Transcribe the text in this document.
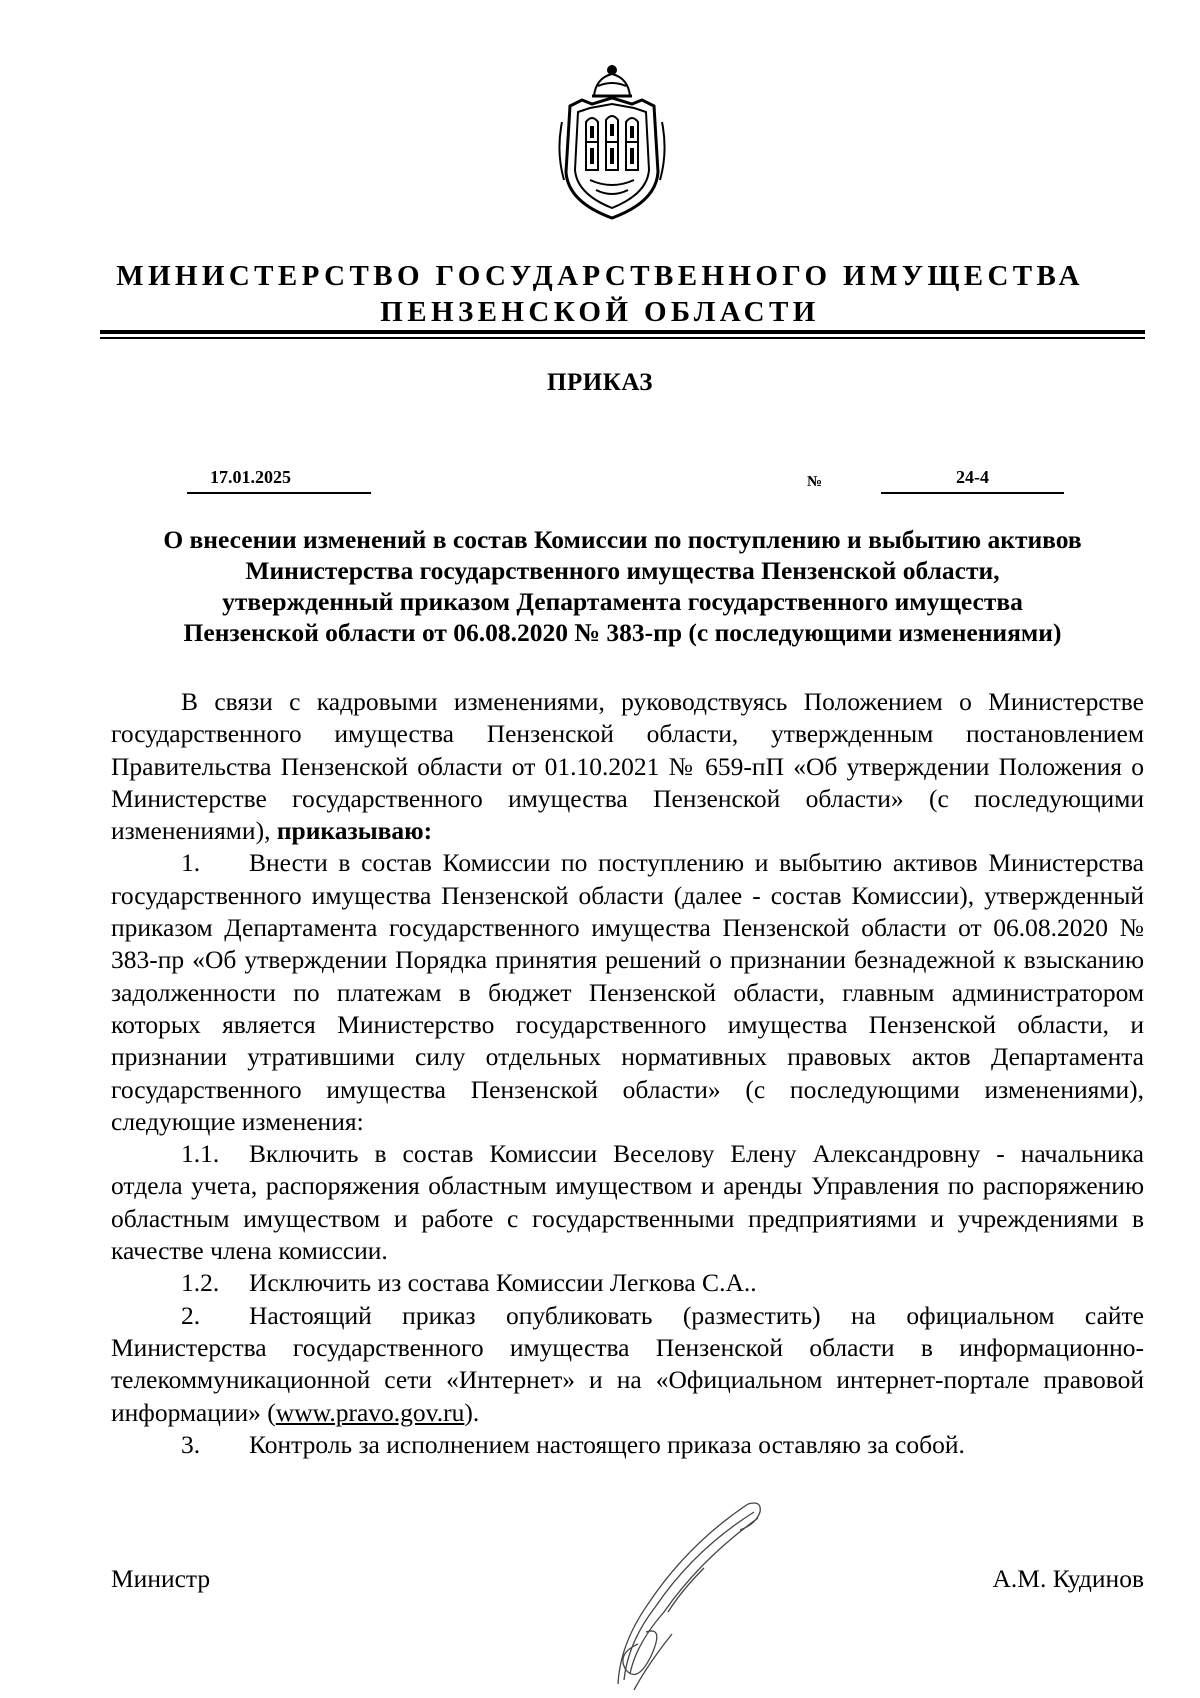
МИНИСТЕРСТВО ГОСУДАРСТВЕННОГО ИМУЩЕСТВА
ПЕНЗЕНСКОЙ ОБЛАСТИ
ПРИКАЗ
17.01.2025	№	24-4
О внесении изменений в состав Комиссии по поступлению и выбытию активов
Министерства государственного имущества Пензенской области,
утвержденный приказом Департамента государственного имущества
Пензенской области от 06.08.2020 № 383-пр (с последующими изменениями)

В связи с кадровыми изменениями, руководствуясь Положением о Министерстве государственного имущества Пензенской области, утвержденным постановлением Правительства Пензенской области от 01.10.2021 № 659-пП «Об утверждении Положения о Министерстве государственного имущества Пензенской области» (с последующими изменениями), приказываю:

1. Внести в состав Комиссии по поступлению и выбытию активов Министерства государственного имущества Пензенской области (далее - состав Комиссии), утвержденный приказом Департамента государственного имущества Пензенской области от 06.08.2020 № 383-пр «Об утверждении Порядка принятия решений о признании безнадежной к взысканию задолженности по платежам в бюджет Пензенской области, главным администратором которых является Министерство государственного имущества Пензенской области, и признании утратившими силу отдельных нормативных правовых актов Департамента государственного имущества Пензенской области» (с последующими изменениями), следующие изменения:

1.1. Включить в состав Комиссии Веселову Елену Александровну - начальника отдела учета, распоряжения областным имуществом и аренды Управления по распоряжению областным имуществом и работе с государственными предприятиями и учреждениями в качестве члена комиссии.

1.2. Исключить из состава Комиссии Легкова С.А..

2. Настоящий приказ опубликовать (разместить) на официальном сайте Министерства государственного имущества Пензенской области в информационно-телекоммуникационной сети «Интернет» и на «Официальном интернет-портале правовой информации» (www.pravo.gov.ru).

3. Контроль за исполнением настоящего приказа оставляю за собой.

Министр	А.М. Кудинов
